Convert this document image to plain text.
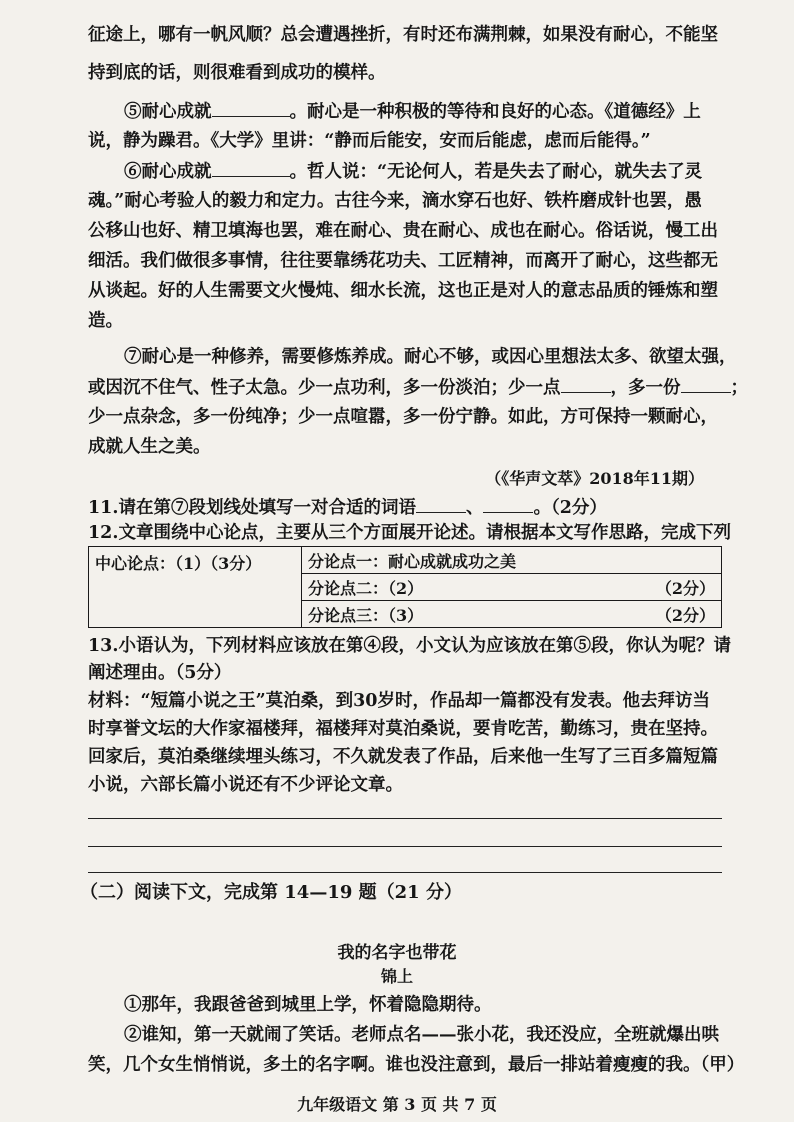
征途上，哪有一帆风顺？总会遭遇挫折，有时还布满荆棘，如果没有耐心，不能坚
持到底的话，则很难看到成功的模样。
⑤耐心成就	。耐心是一种积极的等待和良好的心态。《道德经》上
说，静为躁君。《大学》里讲：“静而后能安，安而后能虑，虑而后能得。”
⑥耐心成就	。哲人说：“无论何人，若是失去了耐心，就失去了灵
魂。”耐心考验人的毅力和定力。古往今来，滴水穿石也好、铁杵磨成针也罢，愚
公移山也好、精卫填海也罢，难在耐心、贵在耐心、成也在耐心。俗话说，慢工出
细活。我们做很多事情，往往要靠绣花功夫、工匠精神，而离开了耐心，这些都无
从谈起。好的人生需要文火慢炖、细水长流，这也正是对人的意志品质的锤炼和塑
造。
⑦耐心是一种修养，需要修炼养成。耐心不够，或因心里想法太多、欲望太强，
或因沉不住气、性子太急。少一点功利，多一份淡泊；少一点	，多一份	；
少一点杂念，多一份纯净；少一点喧嚣，多一份宁静。如此，方可保持一颗耐心，
成就人生之美。
（《华声文萃》2018年11期）
11.请在第⑦段划线处填写一对合适的词语	、	。（2分）
12.文章围绕中心论点，主要从三个方面展开论述。请根据本文写作思路，完成下列
中心论点：（1）（3分）	分论点一：耐心成就成功之美
分论点二：（2）	（2分）

分论点三：（3）	（2分）
13.小语认为，下列材料应该放在第④段，小文认为应该放在第⑤段，你认为呢？请
阐述理由。（5分）
材料：“短篇小说之王”莫泊桑，到30岁时，作品却一篇都没有发表。他去拜访当
时享誉文坛的大作家福楼拜，福楼拜对莫泊桑说，要肯吃苦，勤练习，贵在坚持。
回家后，莫泊桑继续埋头练习，不久就发表了作品，后来他一生写了三百多篇短篇
小说，六部长篇小说还有不少评论文章。
（二）阅读下文，完成第 14—19 题（21 分）
我的名字也带花
锦上
①那年，我跟爸爸到城里上学，怀着隐隐期待。
②谁知，第一天就闹了笑话。老师点名——张小花，我还没应，全班就爆出哄
笑，几个女生悄悄说，多土的名字啊。谁也没注意到，最后一排站着瘦瘦的我。（甲）
九年级语文 第 3 页 共 7 页
